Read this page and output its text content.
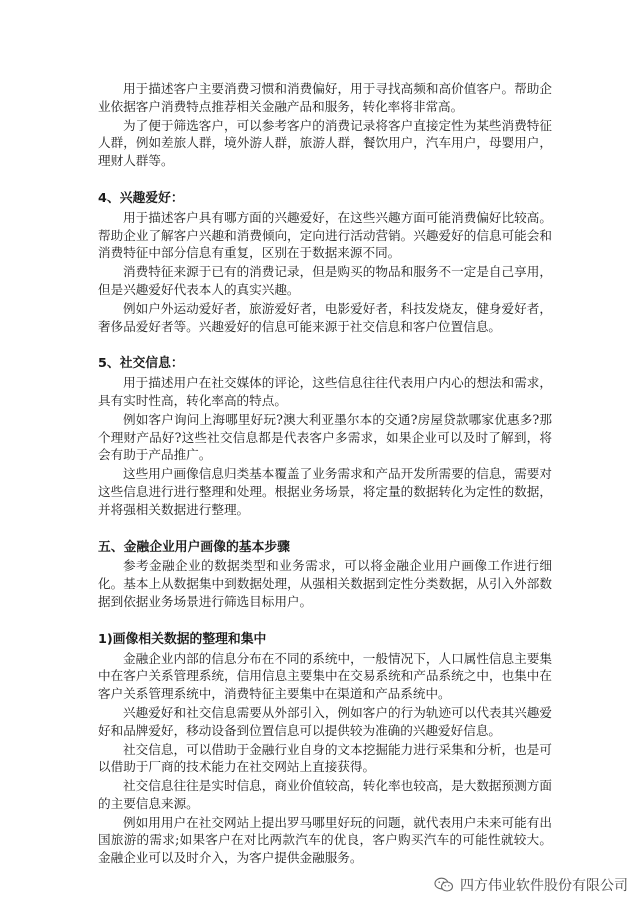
用于描述客户主要消费习惯和消费偏好，用于寻找高频和高价值客户。帮助企业依据客户消费特点推荐相关金融产品和服务，转化率将非常高。

为了便于筛选客户，可以参考客户的消费记录将客户直接定性为某些消费特征人群，例如差旅人群，境外游人群，旅游人群，餐饮用户，汽车用户，母婴用户，理财人群等。

4、兴趣爱好：

用于描述客户具有哪方面的兴趣爱好，在这些兴趣方面可能消费偏好比较高。帮助企业了解客户兴趣和消费倾向，定向进行活动营销。兴趣爱好的信息可能会和消费特征中部分信息有重复，区别在于数据来源不同。

消费特征来源于已有的消费记录，但是购买的物品和服务不一定是自己享用，但是兴趣爱好代表本人的真实兴趣。

例如户外运动爱好者，旅游爱好者，电影爱好者，科技发烧友，健身爱好者，奢侈品爱好者等。兴趣爱好的信息可能来源于社交信息和客户位置信息。

5、社交信息：

用于描述用户在社交媒体的评论，这些信息往往代表用户内心的想法和需求，具有实时性高，转化率高的特点。

例如客户询问上海哪里好玩?澳大利亚墨尔本的交通?房屋贷款哪家优惠多?那个理财产品好?这些社交信息都是代表客户多需求，如果企业可以及时了解到，将会有助于产品推广。

这些用户画像信息归类基本覆盖了业务需求和产品开发所需要的信息，需要对这些信息进行进行整理和处理。根据业务场景，将定量的数据转化为定性的数据，并将强相关数据进行整理。

五、金融企业用户画像的基本步骤

参考金融企业的数据类型和业务需求，可以将金融企业用户画像工作进行细化。基本上从数据集中到数据处理，从强相关数据到定性分类数据，从引入外部数据到依据业务场景进行筛选目标用户。

1)画像相关数据的整理和集中

金融企业内部的信息分布在不同的系统中，一般情况下，人口属性信息主要集中在客户关系管理系统，信用信息主要集中在交易系统和产品系统之中，也集中在客户关系管理系统中，消费特征主要集中在渠道和产品系统中。

兴趣爱好和社交信息需要从外部引入，例如客户的行为轨迹可以代表其兴趣爱好和品牌爱好，移动设备到位置信息可以提供较为准确的兴趣爱好信息。

社交信息，可以借助于金融行业自身的文本挖掘能力进行采集和分析，也是可以借助于厂商的技术能力在社交网站上直接获得。

社交信息往往是实时信息，商业价值较高，转化率也较高，是大数据预测方面的主要信息来源。

例如用用户在社交网站上提出罗马哪里好玩的问题，就代表用户未来可能有出国旅游的需求;如果客户在对比两款汽车的优良，客户购买汽车的可能性就较大。金融企业可以及时介入，为客户提供金融服务。

四方伟业软件股份有限公司
